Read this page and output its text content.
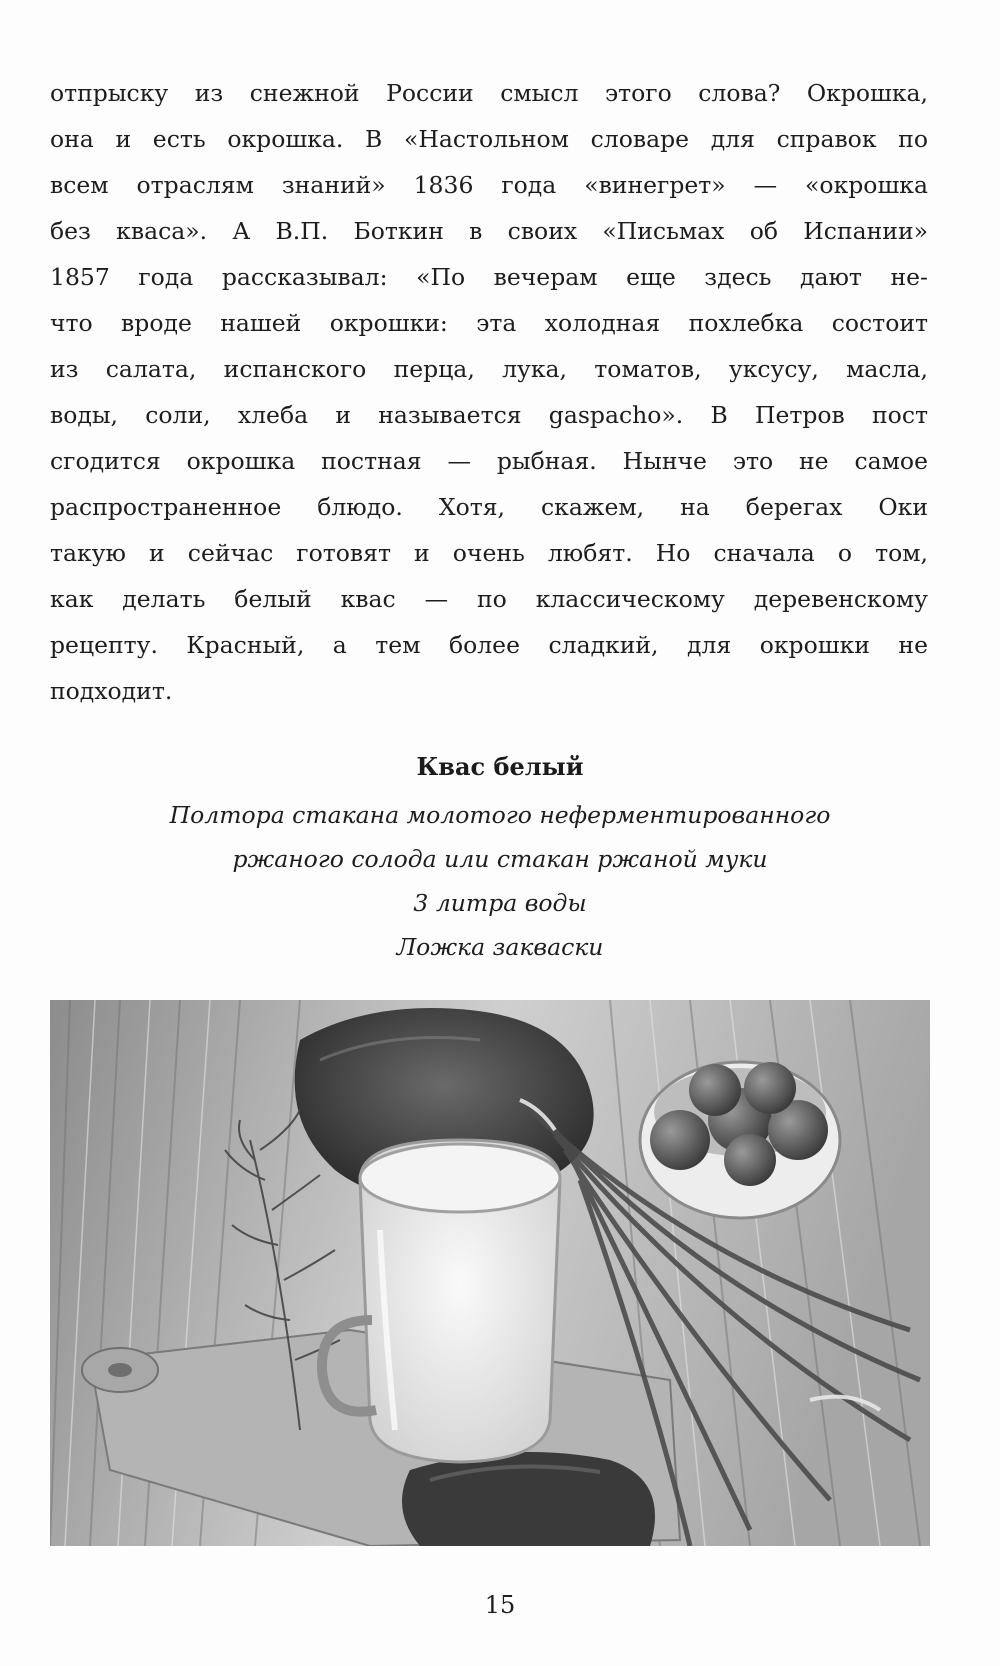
отпрыску из снежной России смысл этого слова? Окрошка,
она и есть окрошка. В «Настольном словаре для справок по
всем отраслям знаний» 1836 года «винегрет» — «окрошка
без кваса». А В.П. Боткин в своих «Письмах об Испании»
1857 года рассказывал: «По вечерам еще здесь дают не-
что вроде нашей окрошки: эта холодная похлебка состоит
из салата, испанского перца, лука, томатов, уксусу, масла,
воды, соли, хлеба и называется gaspacho». В Петров пост
сгодится окрошка постная — рыбная. Нынче это не самое
распространенное блюдо. Хотя, скажем, на берегах Оки
такую и сейчас готовят и очень любят. Но сначала о том,
как делать белый квас — по классическому деревенскому
рецепту. Красный, а тем более сладкий, для окрошки не
подходит.
Квас белый
Полтора стакана молотого неферментированного
ржаного солода или стакан ржаной муки
3 литра воды
Ложка закваски
15
